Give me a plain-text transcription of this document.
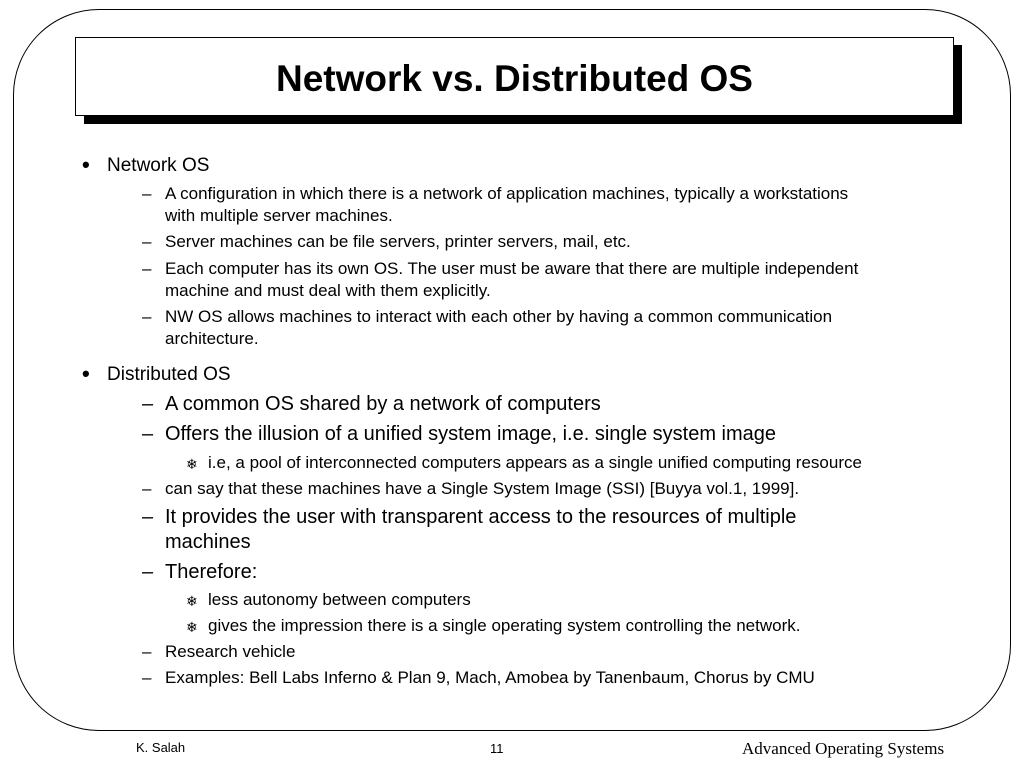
Network vs. Distributed OS
• Network OS
– A configuration in which there is a network of application machines, typically a workstations
with multiple server machines.
– Server machines can be file servers, printer servers, mail, etc.
– Each computer has its own OS. The user must be aware that there are multiple independent
machine and must deal with them explicitly.
– NW OS allows machines to interact with each other by having a common communication
architecture.
• Distributed OS
– A common OS shared by a network of computers
– Offers the illusion of a unified system image, i.e. single system image
❄ i.e, a pool of interconnected computers appears as a single unified computing resource
– can say that these machines have a Single System Image (SSI) [Buyya vol.1, 1999].
– It provides the user with transparent access to the resources of multiple
machines
– Therefore:
❄ less autonomy between computers
❄ gives the impression there is a single operating system controlling the network.
– Research vehicle
– Examples: Bell Labs Inferno & Plan 9, Mach, Amobea by Tanenbaum, Chorus by CMU
K. Salah	11	Advanced Operating Systems
